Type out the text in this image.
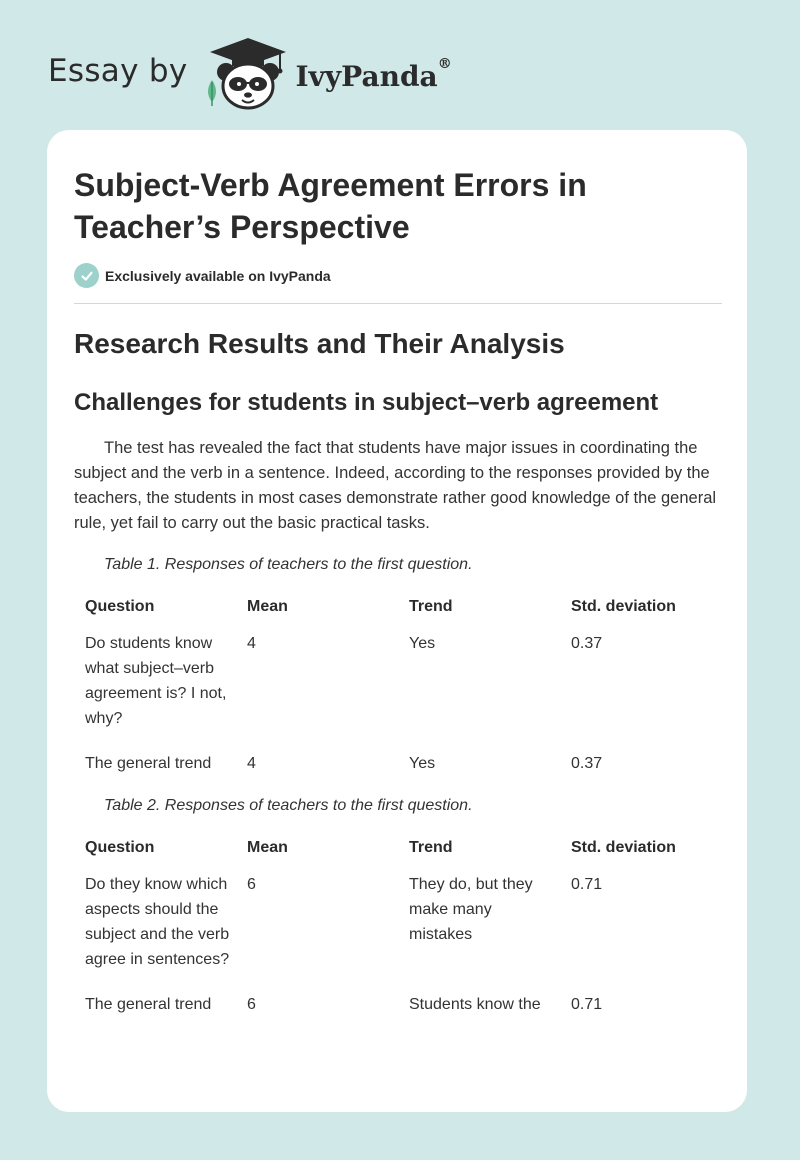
Essay by	IvyPanda®
Subject-Verb Agreement Errors in Teacher’s Perspective
Exclusively available on IvyPanda
Research Results and Their Analysis
Challenges for students in subject–verb agreement

The test has revealed the fact that students have major issues in coordinating the subject and the verb in a sentence. Indeed, according to the responses provided by the teachers, the students in most cases demonstrate rather good knowledge of the general rule, yet fail to carry out the basic practical tasks.

Table 1. Responses of teachers to the first question.

Question	Mean	Trend	Std. deviation

Do students know what subject–verb agreement is? I not, why?	4	Yes	0.37

The general trend	4	Yes	0.37

Table 2. Responses of teachers to the first question.

Question	Mean	Trend	Std. deviation

Do they know which aspects should the subject and the verb agree in sentences?	6	They do, but they make many mistakes	0.71

The general trend	6	Students know the	0.71
